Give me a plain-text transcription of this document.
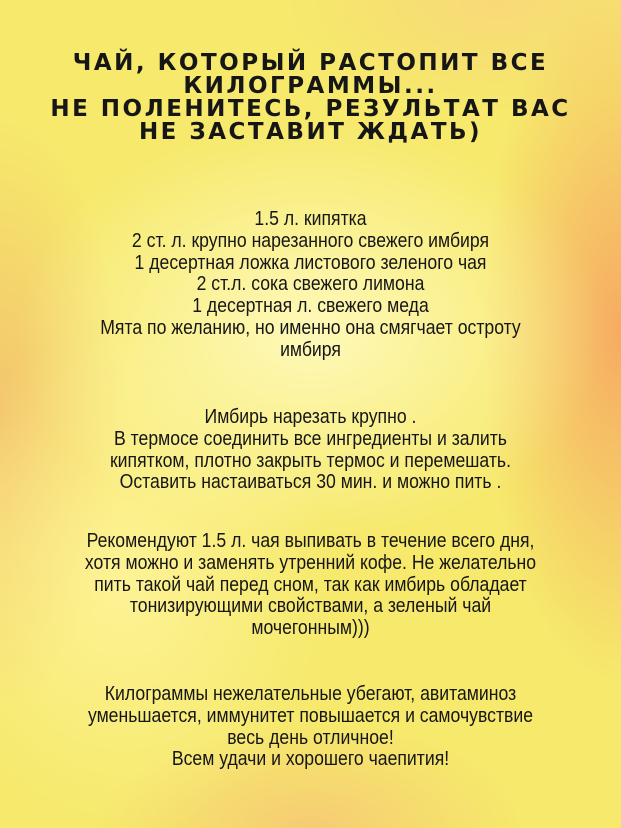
ЧАЙ, КОТОРЫЙ РАСТОПИТ ВСЕ
КИЛОГРАММЫ...
НЕ ПОЛЕНИТЕСЬ, РЕЗУЛЬТАТ ВАС
НЕ ЗАСТАВИТ ЖДАТЬ)
1.5 л. кипятка
2 ст. л. крупно нарезанного свежего имбиря
1 десертная ложка листового зеленого чая
2 ст.л. сока свежего лимона
1 десертная л. свежего меда
Мята по желанию, но именно она смягчает остроту
имбиря
Имбирь нарезать крупно .
В термосе соединить все ингредиенты и залить
кипятком, плотно закрыть термос и перемешать.
Оставить настаиваться 30 мин. и можно пить .
Рекомендуют 1.5 л. чая выпивать в течение всего дня,
хотя можно и заменять утренний кофе. Не желательно
пить такой чай перед сном, так как имбирь обладает
тонизирующими свойствами, а зеленый чай
мочегонным)))
Килограммы нежелательные убегают, авитаминоз
уменьшается, иммунитет повышается и самочувствие
весь день отличное!
Всем удачи и хорошего чаепития!
